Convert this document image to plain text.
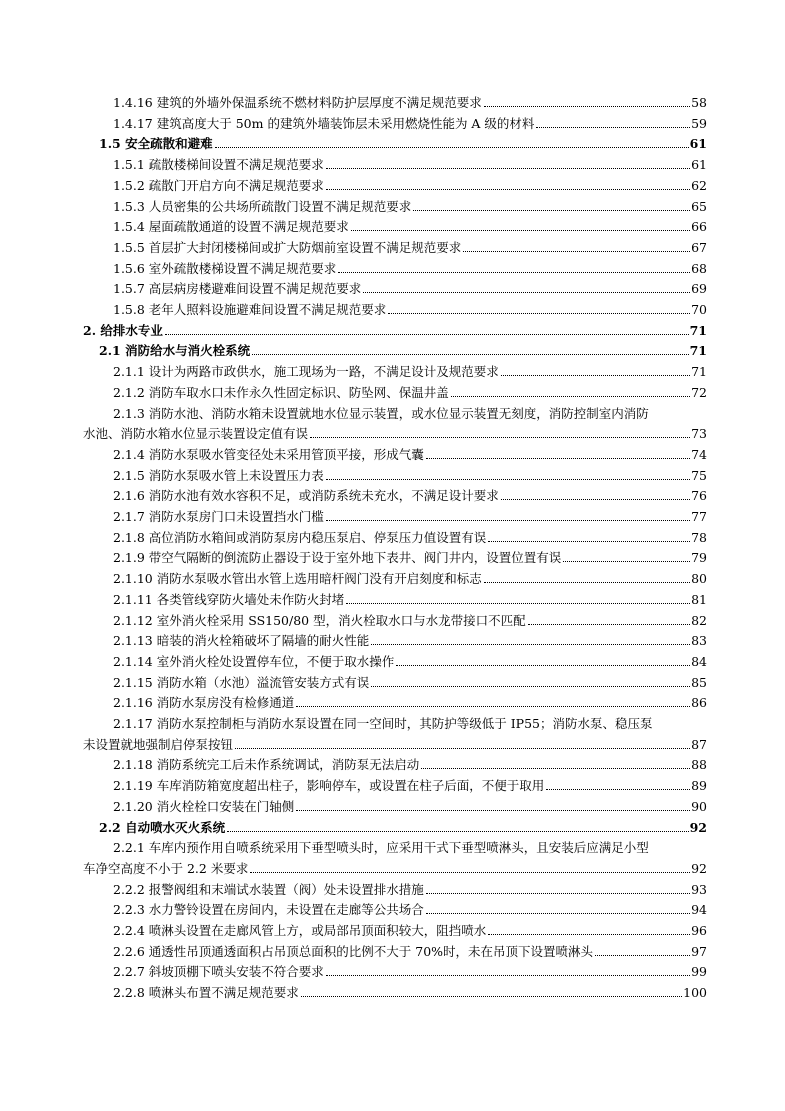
1.4.16 建筑的外墙外保温系统不燃材料防护层厚度不满足规范要求	58
1.4.17 建筑高度大于 50m 的建筑外墙装饰层未采用燃烧性能为 A 级的材料	59
1.5 安全疏散和避难	61
1.5.1 疏散楼梯间设置不满足规范要求	61
1.5.2 疏散门开启方向不满足规范要求	62
1.5.3 人员密集的公共场所疏散门设置不满足规范要求	65
1.5.4 屋面疏散通道的设置不满足规范要求	66
1.5.5 首层扩大封闭楼梯间或扩大防烟前室设置不满足规范要求	67
1.5.6 室外疏散楼梯设置不满足规范要求	68
1.5.7 高层病房楼避难间设置不满足规范要求	69
1.5.8 老年人照料设施避难间设置不满足规范要求	70
2. 给排水专业	71
2.1 消防给水与消火栓系统	71
2.1.1 设计为两路市政供水，施工现场为一路，不满足设计及规范要求	71
2.1.2 消防车取水口未作永久性固定标识、防坠网、保温井盖	72
2.1.3 消防水池、消防水箱未设置就地水位显示装置，或水位显示装置无刻度，消防控制室内消防
水池、消防水箱水位显示装置设定值有误	73
2.1.4 消防水泵吸水管变径处未采用管顶平接，形成气囊	74
2.1.5 消防水泵吸水管上未设置压力表	75
2.1.6 消防水池有效水容积不足，或消防系统未充水，不满足设计要求	76
2.1.7 消防水泵房门口未设置挡水门槛	77
2.1.8 高位消防水箱间或消防泵房内稳压泵启、停泵压力值设置有误	78
2.1.9 带空气隔断的倒流防止器设于设于室外地下表井、阀门井内，设置位置有误	79
2.1.10 消防水泵吸水管出水管上选用暗杆阀门没有开启刻度和标志	80
2.1.11 各类管线穿防火墙处未作防火封堵	81
2.1.12 室外消火栓采用 SS150/80 型，消火栓取水口与水龙带接口不匹配	82
2.1.13 暗装的消火栓箱破坏了隔墙的耐火性能	83
2.1.14 室外消火栓处设置停车位，不便于取水操作	84
2.1.15 消防水箱（水池）溢流管安装方式有误	85
2.1.16 消防水泵房没有检修通道	86
2.1.17 消防水泵控制柜与消防水泵设置在同一空间时，其防护等级低于 IP55；消防水泵、稳压泵
未设置就地强制启停泵按钮	87
2.1.18 消防系统完工后未作系统调试，消防泵无法启动	88
2.1.19 车库消防箱宽度超出柱子，影响停车，或设置在柱子后面，不便于取用	89
2.1.20 消火栓栓口安装在门轴侧	90
2.2 自动喷水灭火系统	92
2.2.1 车库内预作用自喷系统采用下垂型喷头时，应采用干式下垂型喷淋头，且安装后应满足小型
车净空高度不小于 2.2 米要求	92
2.2.2 报警阀组和末端试水装置（阀）处未设置排水措施	93
2.2.3 水力警铃设置在房间内，未设置在走廊等公共场合	94
2.2.4 喷淋头设置在走廊风管上方，或局部吊顶面积较大，阻挡喷水	96
2.2.6 通透性吊顶通透面积占吊顶总面积的比例不大于 70%时，未在吊顶下设置喷淋头	97
2.2.7 斜坡顶棚下喷头安装不符合要求	99
2.2.8 喷淋头布置不满足规范要求	100
